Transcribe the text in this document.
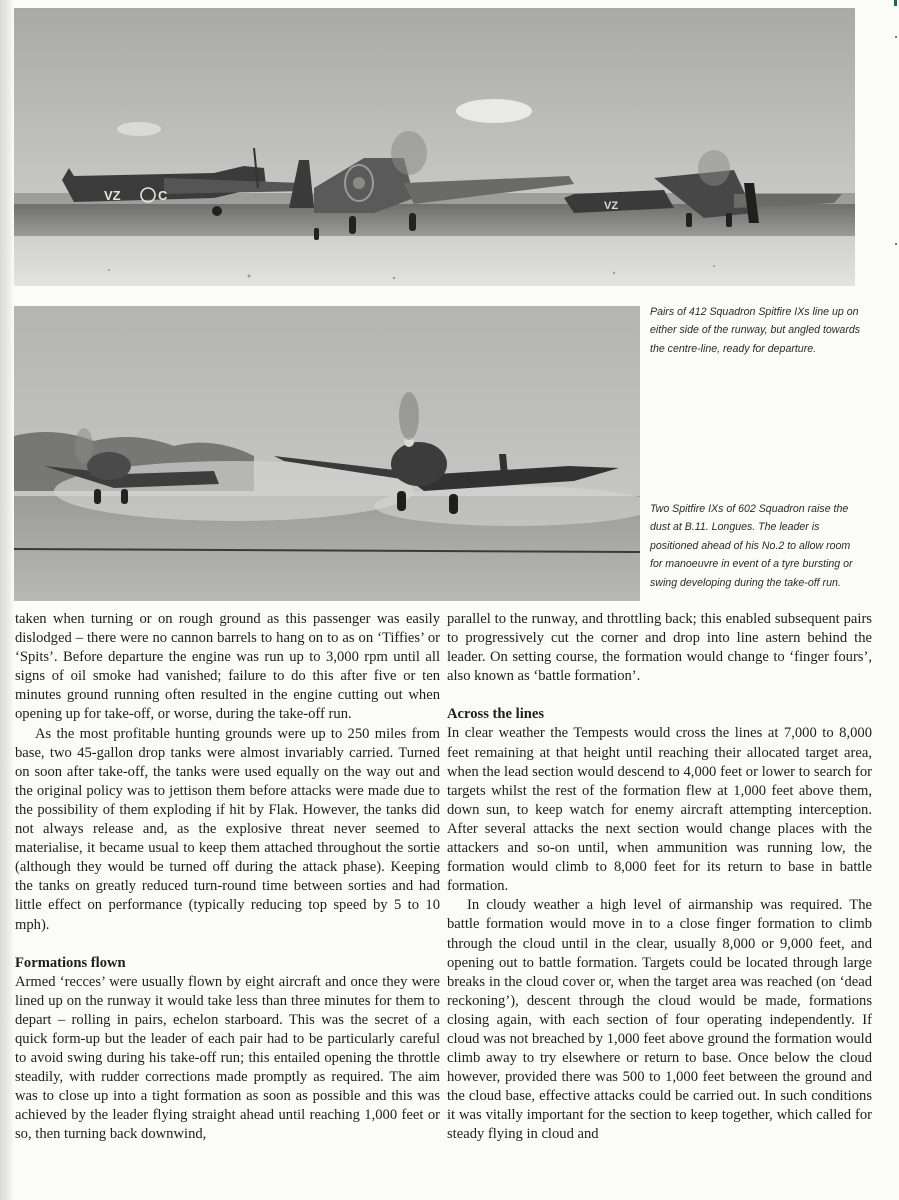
VZ	C
VZ
Pairs of 412 Squadron Spitfire IXs line up on either side of the runway, but angled towards the centre-line, ready for departure.
Two Spitfire IXs of 602 Squadron raise the dust at B.11. Longues. The leader is positioned ahead of his No.2 to allow room for manoeuvre in event of a tyre bursting or swing developing during the take-off run.

taken when turning or on rough ground as this passenger was easily dislodged – there were no cannon barrels to hang on to as on ‘Tiffies’ or ‘Spits’. Before departure the engine was run up to 3,000 rpm until all signs of oil smoke had vanished; failure to do this after five or ten minutes ground running often resulted in the engine cutting out when opening up for take-off, or worse, during the take-off run.

As the most profitable hunting grounds were up to 250 miles from base, two 45-gallon drop tanks were almost invariably carried. Turned on soon after take-off, the tanks were used equally on the way out and the original policy was to jettison them before attacks were made due to the possibility of them exploding if hit by Flak. However, the tanks did not always release and, as the explosive threat never seemed to materialise, it became usual to keep them attached throughout the sortie (although they would be turned off during the attack phase). Keeping the tanks on greatly reduced turn-round time between sorties and had little effect on performance (typically reducing top speed by 5 to 10 mph).

Formations flown

Armed ‘recces’ were usually flown by eight aircraft and once they were lined up on the runway it would take less than three minutes for them to depart – rolling in pairs, echelon starboard. This was the secret of a quick form-up but the leader of each pair had to be particularly careful to avoid swing during his take-off run; this entailed opening the throttle steadily, with rudder corrections made promptly as required. The aim was to close up into a tight formation as soon as possible and this was achieved by the leader flying straight ahead until reaching 1,000 feet or so, then turning back downwind,

parallel to the runway, and throttling back; this enabled subsequent pairs to progressively cut the corner and drop into line astern behind the leader. On setting course, the formation would change to ‘finger fours’, also known as ‘battle formation’.

Across the lines

In clear weather the Tempests would cross the lines at 7,000 to 8,000 feet remaining at that height until reaching their allocated target area, when the lead section would descend to 4,000 feet or lower to search for targets whilst the rest of the formation flew at 1,000 feet above them, down sun, to keep watch for enemy aircraft attempting interception. After several attacks the next section would change places with the attackers and so-on until, when ammunition was running low, the formation would climb to 8,000 feet for its return to base in battle formation.

In cloudy weather a high level of airmanship was required. The battle formation would move in to a close finger formation to climb through the cloud until in the clear, usually 8,000 or 9,000 feet, and opening out to battle formation. Targets could be located through large breaks in the cloud cover or, when the target area was reached (on ‘dead reckoning’), descent through the cloud would be made, formations closing again, with each section of four operating independently. If cloud was not breached by 1,000 feet above ground the formation would climb away to try elsewhere or return to base. Once below the cloud however, provided there was 500 to 1,000 feet between the ground and the cloud base, effective attacks could be carried out. In such conditions it was vitally important for the section to keep together, which called for steady flying in cloud and
